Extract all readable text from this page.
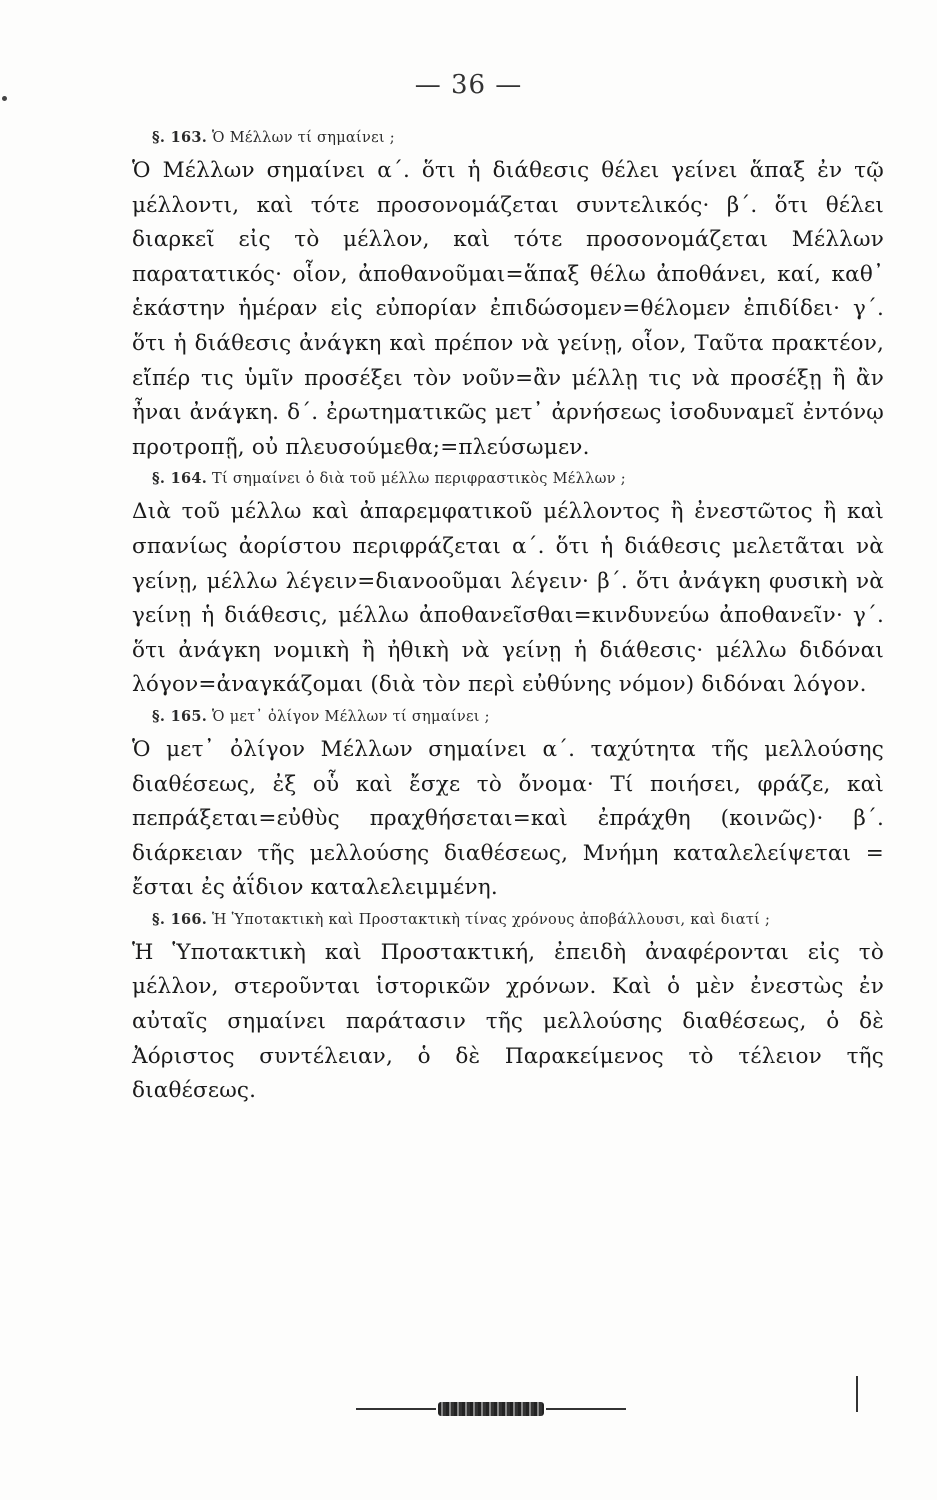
— 36 —
§. 163. Ὁ Μέλλων τί σημαίνει ;

Ὁ Μέλλων σημαίνει α΄. ὅτι ἡ διάθεσις θέλει γείνει ἅπαξ ἐν τῷ μέλλοντι, καὶ τότε προσονομάζεται συντελικός· β΄. ὅτι θέλει διαρκεῖ εἰς τὸ μέλλον, καὶ τότε προσονομάζεται Μέλλων παρατατικός· οἷον, ἀποθανοῦμαι=ἅπαξ θέλω ἀποθάνει, καί, καθ᾽ ἑκάστην ἡμέραν εἰς εὐπορίαν ἐπιδώσομεν=θέλομεν ἐπιδίδει· γ΄. ὅτι ἡ διάθεσις ἀνάγκη καὶ πρέπον νὰ γείνῃ, οἷον, Ταῦτα πρακτέον, εἴπέρ τις ὑμῖν προσέξει τὸν νοῦν=ἂν μέλλῃ τις νὰ προσέξῃ ἢ ἂν ἦναι ἀνάγκη. δ΄. ἐρωτηματικῶς μετ᾽ ἀρνήσεως ἰσοδυναμεῖ ἐντόνῳ προτροπῇ, οὐ πλευσούμεθα;=πλεύσωμεν.

§. 164. Τί σημαίνει ὁ διὰ τοῦ μέλλω περιφραστικὸς Μέλλων ;

Διὰ τοῦ μέλλω καὶ ἀπαρεμφατικοῦ μέλλοντος ἢ ἐνεστῶτος ἢ καὶ σπανίως ἀορίστου περιφράζεται α΄. ὅτι ἡ διάθεσις μελετᾶται νὰ γείνῃ, μέλλω λέγειν=διανοοῦμαι λέγειν· β΄. ὅτι ἀνάγκη φυσικὴ νὰ γείνῃ ἡ διάθεσις, μέλλω ἀποθανεῖσθαι=κινδυνεύω ἀποθανεῖν· γ΄. ὅτι ἀνάγκη νομικὴ ἢ ἠθικὴ νὰ γείνῃ ἡ διάθεσις· μέλλω διδόναι λόγον=ἀναγκάζομαι (διὰ τὸν περὶ εὐθύνης νόμον) διδόναι λόγον.

§. 165. Ὁ μετ᾽ ὀλίγον Μέλλων τί σημαίνει ;

Ὁ μετ᾽ ὀλίγον Μέλλων σημαίνει α΄. ταχύτητα τῆς μελλούσης διαθέσεως, ἐξ οὗ καὶ ἔσχε τὸ ὄνομα· Τί ποιήσει, φράζε, καὶ πεπράξεται=εὐθὺς πραχθήσεται=καὶ ἐπράχθη (κοινῶς)· β΄. διάρκειαν τῆς μελλούσης διαθέσεως, Μνήμη καταλελείψεται = ἔσται ἐς ἀΐδιον καταλελειμμένη.

§. 166. Ἡ Ὑποτακτικὴ καὶ Προστακτικὴ τίνας χρόνους ἀποβάλλουσι, καὶ διατί ;

Ἡ Ὑποτακτικὴ καὶ Προστακτική, ἐπειδὴ ἀναφέρονται εἰς τὸ μέλλον, στεροῦνται ἱστορικῶν χρόνων. Καὶ ὁ μὲν ἐνεστὼς ἐν αὐταῖς σημαίνει παράτασιν τῆς μελλούσης διαθέσεως, ὁ δὲ Ἀόριστος συντέλειαν, ὁ δὲ Παρακείμενος τὸ τέλειον τῆς διαθέσεως.
